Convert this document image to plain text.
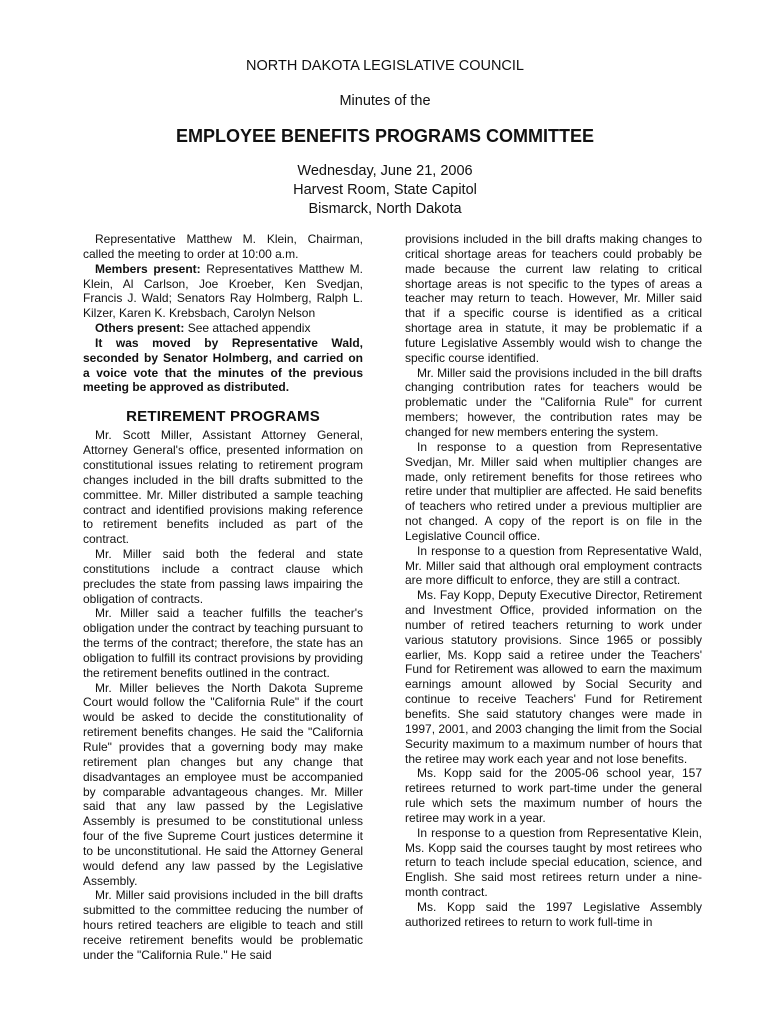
NORTH DAKOTA LEGISLATIVE COUNCIL
Minutes of the
EMPLOYEE BENEFITS PROGRAMS COMMITTEE
Wednesday, June 21, 2006
Harvest Room, State Capitol
Bismarck, North Dakota

Representative Matthew M. Klein, Chairman, called the meeting to order at 10:00 a.m.

Members present: Representatives Matthew M. Klein, Al Carlson, Joe Kroeber, Ken Svedjan, Francis J. Wald; Senators Ray Holmberg, Ralph L. Kilzer, Karen K. Krebsbach, Carolyn Nelson

Others present: See attached appendix

It was moved by Representative Wald, seconded by Senator Holmberg, and carried on a voice vote that the minutes of the previous meeting be approved as distributed.

RETIREMENT PROGRAMS

Mr. Scott Miller, Assistant Attorney General, Attorney General's office, presented information on constitutional issues relating to retirement program changes included in the bill drafts submitted to the committee. Mr. Miller distributed a sample teaching contract and identified provisions making reference to retirement benefits included as part of the contract.

Mr. Miller said both the federal and state constitutions include a contract clause which precludes the state from passing laws impairing the obligation of contracts.

Mr. Miller said a teacher fulfills the teacher's obligation under the contract by teaching pursuant to the terms of the contract; therefore, the state has an obligation to fulfill its contract provisions by providing the retirement benefits outlined in the contract.

Mr. Miller believes the North Dakota Supreme Court would follow the "California Rule" if the court would be asked to decide the constitutionality of retirement benefits changes. He said the "California Rule" provides that a governing body may make retirement plan changes but any change that disadvantages an employee must be accompanied by comparable advantageous changes. Mr. Miller said that any law passed by the Legislative Assembly is presumed to be constitutional unless four of the five Supreme Court justices determine it to be unconstitutional. He said the Attorney General would defend any law passed by the Legislative Assembly.

Mr. Miller said provisions included in the bill drafts submitted to the committee reducing the number of hours retired teachers are eligible to teach and still receive retirement benefits would be problematic under the "California Rule." He said

provisions included in the bill drafts making changes to critical shortage areas for teachers could probably be made because the current law relating to critical shortage areas is not specific to the types of areas a teacher may return to teach. However, Mr. Miller said that if a specific course is identified as a critical shortage area in statute, it may be problematic if a future Legislative Assembly would wish to change the specific course identified.

Mr. Miller said the provisions included in the bill drafts changing contribution rates for teachers would be problematic under the "California Rule" for current members; however, the contribution rates may be changed for new members entering the system.

In response to a question from Representative Svedjan, Mr. Miller said when multiplier changes are made, only retirement benefits for those retirees who retire under that multiplier are affected. He said benefits of teachers who retired under a previous multiplier are not changed. A copy of the report is on file in the Legislative Council office.

In response to a question from Representative Wald, Mr. Miller said that although oral employment contracts are more difficult to enforce, they are still a contract.

Ms. Fay Kopp, Deputy Executive Director, Retirement and Investment Office, provided information on the number of retired teachers returning to work under various statutory provisions. Since 1965 or possibly earlier, Ms. Kopp said a retiree under the Teachers' Fund for Retirement was allowed to earn the maximum earnings amount allowed by Social Security and continue to receive Teachers' Fund for Retirement benefits. She said statutory changes were made in 1997, 2001, and 2003 changing the limit from the Social Security maximum to a maximum number of hours that the retiree may work each year and not lose benefits.

Ms. Kopp said for the 2005-06 school year, 157 retirees returned to work part-time under the general rule which sets the maximum number of hours the retiree may work in a year.

In response to a question from Representative Klein, Ms. Kopp said the courses taught by most retirees who return to teach include special education, science, and English. She said most retirees return under a nine-month contract.

Ms. Kopp said the 1997 Legislative Assembly authorized retirees to return to work full-time in
